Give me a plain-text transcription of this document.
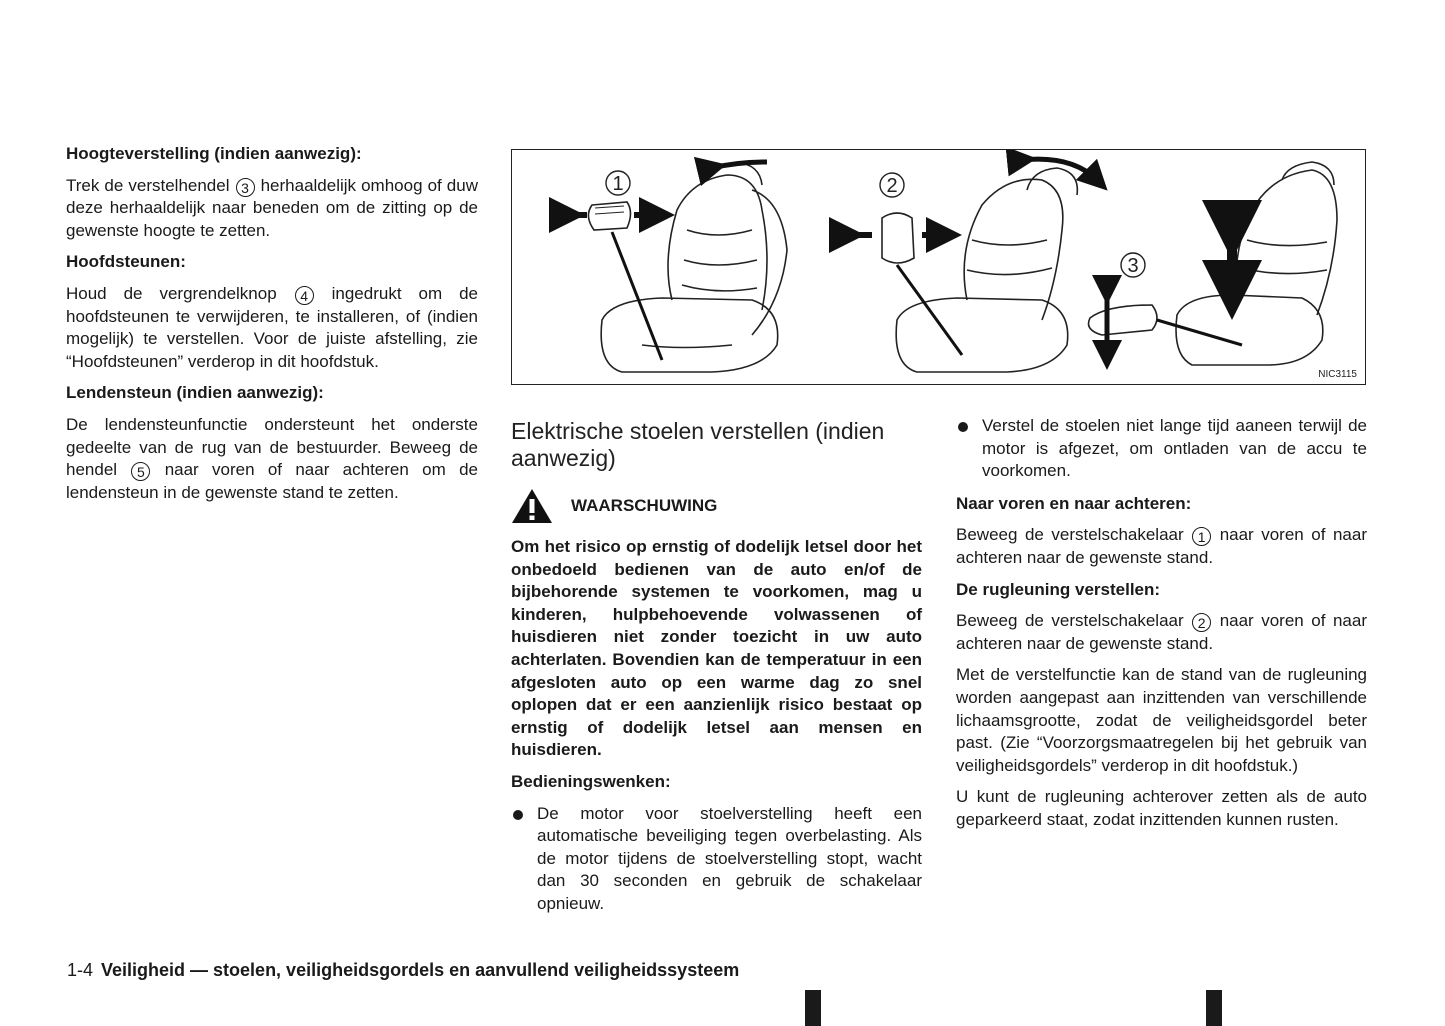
Hoogteverstelling (indien aanwezig):

Trek de verstelhendel 3 herhaaldelijk omhoog of duw deze herhaaldelijk naar beneden om de zitting op de gewenste hoogte te zetten.

Hoofdsteunen:

Houd de vergrendelknop 4 ingedrukt om de hoofdsteunen te verwijderen, te installeren, of (indien mogelijk) te verstellen. Voor de juiste afstelling, zie “Hoofdsteunen” verderop in dit hoofdstuk.

Lendensteun (indien aanwezig):

De lendensteunfunctie ondersteunt het onderste gedeelte van de rug van de bestuurder. Beweeg de hendel 5 naar voren of naar achteren om de lendensteun in de gewenste stand te zetten.

1	2
3
NIC3115
Elektrische stoelen verstellen (indien aanwezig)
WAARSCHUWING

Om het risico op ernstig of dodelijk letsel door het onbedoeld bedienen van de auto en/of de bijbehorende systemen te voorkomen, mag u kinderen, hulpbehoevende volwassenen of huisdieren niet zonder toezicht in uw auto achterlaten. Bovendien kan de temperatuur in een afgesloten auto op een warme dag zo snel oplopen dat er een aanzienlijk risico bestaat op ernstig of dodelijk letsel aan mensen en huisdieren.

Bedieningswenken:

De motor voor stoelverstelling heeft een automatische beveiliging tegen overbelasting. Als de motor tijdens de stoelverstelling stopt, wacht dan 30 seconden en gebruik de schakelaar opnieuw.
Verstel de stoelen niet lange tijd aaneen terwijl de motor is afgezet, om ontladen van de accu te voorkomen.

Naar voren en naar achteren:

Beweeg de verstelschakelaar 1 naar voren of naar achteren naar de gewenste stand.

De rugleuning verstellen:

Beweeg de verstelschakelaar 2 naar voren of naar achteren naar de gewenste stand.

Met de verstelfunctie kan de stand van de rugleuning worden aangepast aan inzittenden van verschillende lichaamsgrootte, zodat de veiligheidsgordel beter past. (Zie “Voorzorgsmaatregelen bij het gebruik van veiligheidsgordels” verderop in dit hoofdstuk.)

U kunt de rugleuning achterover zetten als de auto geparkeerd staat, zodat inzittenden kunnen rusten.

1-4 Veiligheid — stoelen, veiligheidsgordels en aanvullend veiligheidssysteem
